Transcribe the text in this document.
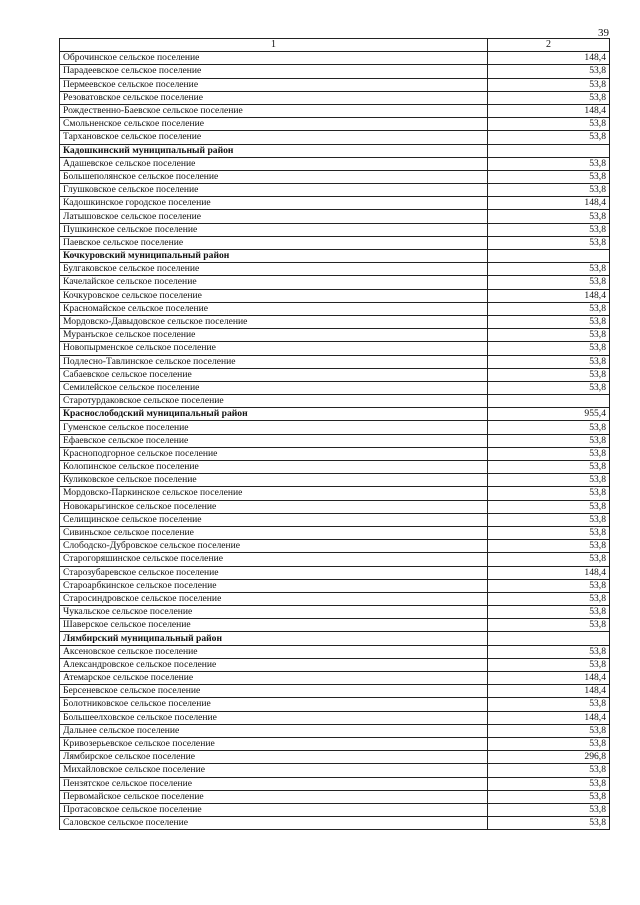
39
1	2
Оброчинское сельское поселение	148,4
Парадеевское сельское поселение	53,8
Пермеевское сельское поселение	53,8
Резоватовское сельское поселение	53,8
Рождественно-Баевское сельское поселение	148,4
Смольненское сельское поселение	53,8
Тархановское сельское поселение	53,8
Кадошкинский муниципальный район	
Адашевское сельское поселение	53,8
Большеполянское сельское поселение	53,8
Глушковское сельское поселение	53,8
Кадошкинское городское поселение	148,4
Латышовское сельское поселение	53,8
Пушкинское сельское поселение	53,8
Паевское сельское поселение	53,8
Кочкуровский муниципальный район	
Булгаковское сельское поселение	53,8
Качелайское сельское поселение	53,8
Кочкуровское сельское поселение	148,4
Красномайское сельское поселение	53,8
Мордовско-Давыдовское сельское поселение	53,8
Муранъское сельское поселение	53,8
Новопырменское сельское поселение	53,8
Подлесно-Тавлинское сельское поселение	53,8
Сабаевское сельское поселение	53,8
Семилейское сельское поселение	53,8
Старотурдаковское сельское поселение	
Краснослободский муниципальный район	955,4
Гуменское сельское поселение	53,8
Ефаевское сельское поселение	53,8
Красноподгорное сельское поселение	53,8
Колопинское сельское поселение	53,8
Куликовское сельское поселение	53,8
Мордовско-Паркинское сельское поселение	53,8
Новокарьгинское сельское поселение	53,8
Селищинское сельское поселение	53,8
Сивиньское сельское поселение	53,8
Слободско-Дубровское сельское поселение	53,8
Старогоряшинское сельское поселение	53,8
Старозубаревское сельское поселение	148,4
Староарбкинское сельское поселение	53,8
Старосиндровское сельское поселение	53,8
Чукальское сельское поселение	53,8
Шаверское сельское поселение	53,8
Лямбирский муниципальный район	
Аксеновское сельское поселение	53,8
Александровское сельское поселение	53,8
Атемарское сельское поселение	148,4
Берсеневское сельское поселение	148,4
Болотниковское сельское поселение	53,8
Большеелховское сельское поселение	148,4
Дальнее сельское поселение	53,8
Кривозерьевское сельское поселение	53,8
Лямбирское сельское поселение	296,8
Михайловское сельское поселение	53,8
Пензятское сельское поселение	53,8
Первомайское сельское поселение	53,8
Протасовское сельское поселение	53,8
Саловское сельское поселение	53,8
